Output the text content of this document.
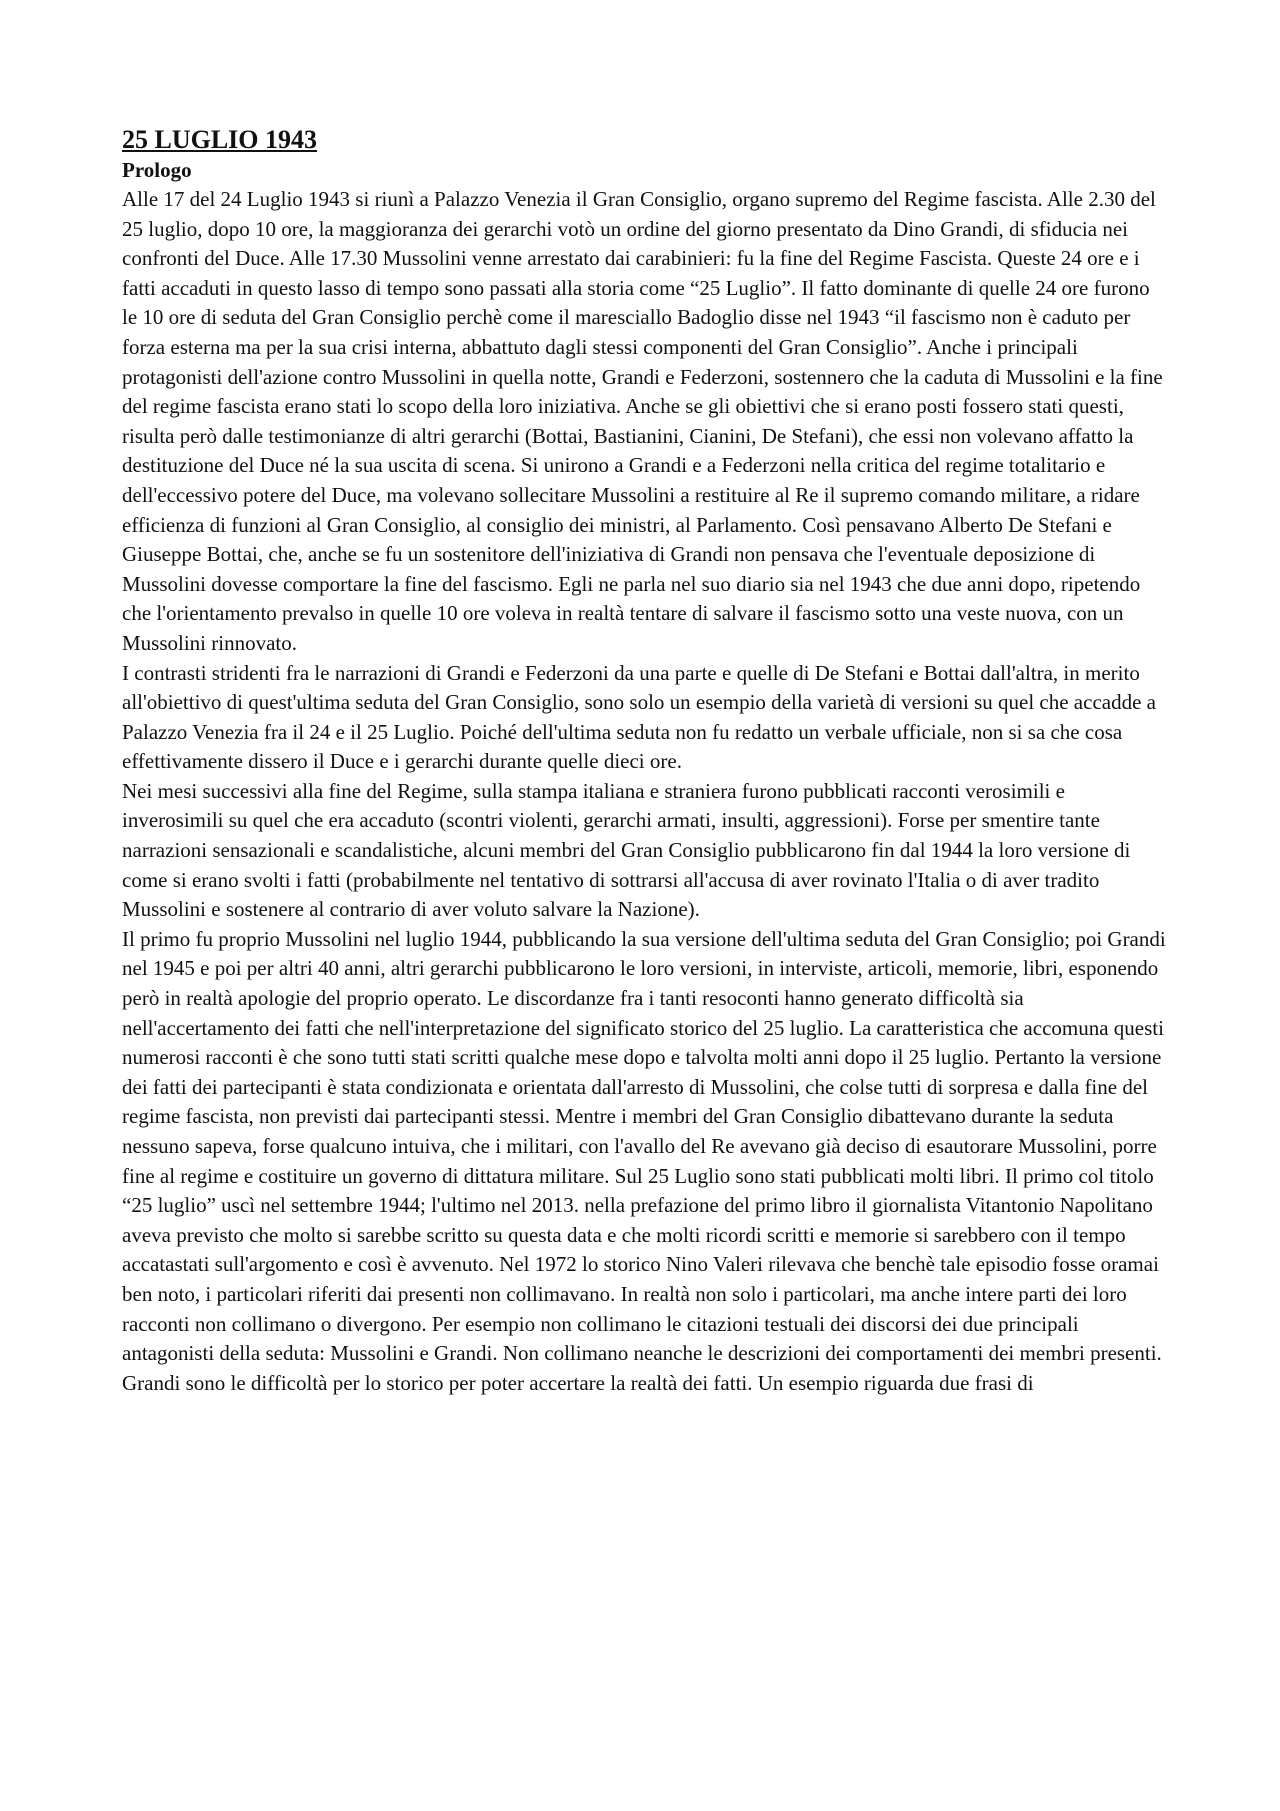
25 LUGLIO 1943
Prologo

Alle 17 del 24 Luglio 1943 si riunì a Palazzo Venezia il Gran Consiglio, organo supremo del Regime fascista. Alle 2.30 del 25 luglio, dopo 10 ore, la maggioranza dei gerarchi votò un ordine del giorno presentato da Dino Grandi, di sfiducia nei confronti del Duce. Alle 17.30 Mussolini venne arrestato dai carabinieri: fu la fine del Regime Fascista. Queste 24 ore e i fatti accaduti in questo lasso di tempo sono passati alla storia come “25 Luglio”. Il fatto dominante di quelle 24 ore furono le 10 ore di seduta del Gran Consiglio perchè come il maresciallo Badoglio disse nel 1943 “il fascismo non è caduto per forza esterna ma per la sua crisi interna, abbattuto dagli stessi componenti del Gran Consiglio”. Anche i principali protagonisti dell'azione contro Mussolini in quella notte, Grandi e Federzoni, sostennero che la caduta di Mussolini e la fine del regime fascista erano stati lo scopo della loro iniziativa. Anche se gli obiettivi che si erano posti fossero stati questi, risulta però dalle testimonianze di altri gerarchi (Bottai, Bastianini, Cianini, De Stefani), che essi non volevano affatto la destituzione del Duce né la sua uscita di scena. Si unirono a Grandi e a Federzoni nella critica del regime totalitario e dell'eccessivo potere del Duce, ma volevano sollecitare Mussolini a restituire al Re il supremo comando militare, a ridare efficienza di funzioni al Gran Consiglio, al consiglio dei ministri, al Parlamento. Così pensavano Alberto De Stefani e Giuseppe Bottai, che, anche se fu un sostenitore dell'iniziativa di Grandi non pensava che l'eventuale deposizione di Mussolini dovesse comportare la fine del fascismo. Egli ne parla nel suo diario sia nel 1943 che due anni dopo, ripetendo che l'orientamento prevalso in quelle 10 ore voleva in realtà tentare di salvare il fascismo sotto una veste nuova, con un Mussolini rinnovato.

I contrasti stridenti fra le narrazioni di Grandi e Federzoni da una parte e quelle di De Stefani e Bottai dall'altra, in merito all'obiettivo di quest'ultima seduta del Gran Consiglio, sono solo un esempio della varietà di versioni su quel che accadde a Palazzo Venezia fra il 24 e il 25 Luglio. Poiché dell'ultima seduta non fu redatto un verbale ufficiale, non si sa che cosa effettivamente dissero il Duce e i gerarchi durante quelle dieci ore.

Nei mesi successivi alla fine del Regime, sulla stampa italiana e straniera furono pubblicati racconti verosimili e inverosimili su quel che era accaduto (scontri violenti, gerarchi armati, insulti, aggressioni). Forse per smentire tante narrazioni sensazionali e scandalistiche, alcuni membri del Gran Consiglio pubblicarono fin dal 1944 la loro versione di come si erano svolti i fatti (probabilmente nel tentativo di sottrarsi all'accusa di aver rovinato l'Italia o di aver tradito Mussolini e sostenere al contrario di aver voluto salvare la Nazione).

Il primo fu proprio Mussolini nel luglio 1944, pubblicando la sua versione dell'ultima seduta del Gran Consiglio; poi Grandi nel 1945 e poi per altri 40 anni, altri gerarchi pubblicarono le loro versioni, in interviste, articoli, memorie, libri, esponendo però in realtà apologie del proprio operato. Le discordanze fra i tanti resoconti hanno generato difficoltà sia nell'accertamento dei fatti che nell'interpretazione del significato storico del 25 luglio. La caratteristica che accomuna questi numerosi racconti è che sono tutti stati scritti qualche mese dopo e talvolta molti anni dopo il 25 luglio. Pertanto la versione dei fatti dei partecipanti è stata condizionata e orientata dall'arresto di Mussolini, che colse tutti di sorpresa e dalla fine del regime fascista, non previsti dai partecipanti stessi. Mentre i membri del Gran Consiglio dibattevano durante la seduta nessuno sapeva, forse qualcuno intuiva, che i militari, con l'avallo del Re avevano già deciso di esautorare Mussolini, porre fine al regime e costituire un governo di dittatura militare. Sul 25 Luglio sono stati pubblicati molti libri. Il primo col titolo “25 luglio” uscì nel settembre 1944; l'ultimo nel 2013. nella prefazione del primo libro il giornalista Vitantonio Napolitano aveva previsto che molto si sarebbe scritto su questa data e che molti ricordi scritti e memorie si sarebbero con il tempo accatastati sull'argomento e così è avvenuto. Nel 1972 lo storico Nino Valeri rilevava che benchè tale episodio fosse oramai ben noto, i particolari riferiti dai presenti non collimavano. In realtà non solo i particolari, ma anche intere parti dei loro racconti non collimano o divergono. Per esempio non collimano le citazioni testuali dei discorsi dei due principali antagonisti della seduta: Mussolini e Grandi. Non collimano neanche le descrizioni dei comportamenti dei membri presenti. Grandi sono le difficoltà per lo storico per poter accertare la realtà dei fatti. Un esempio riguarda due frasi di
